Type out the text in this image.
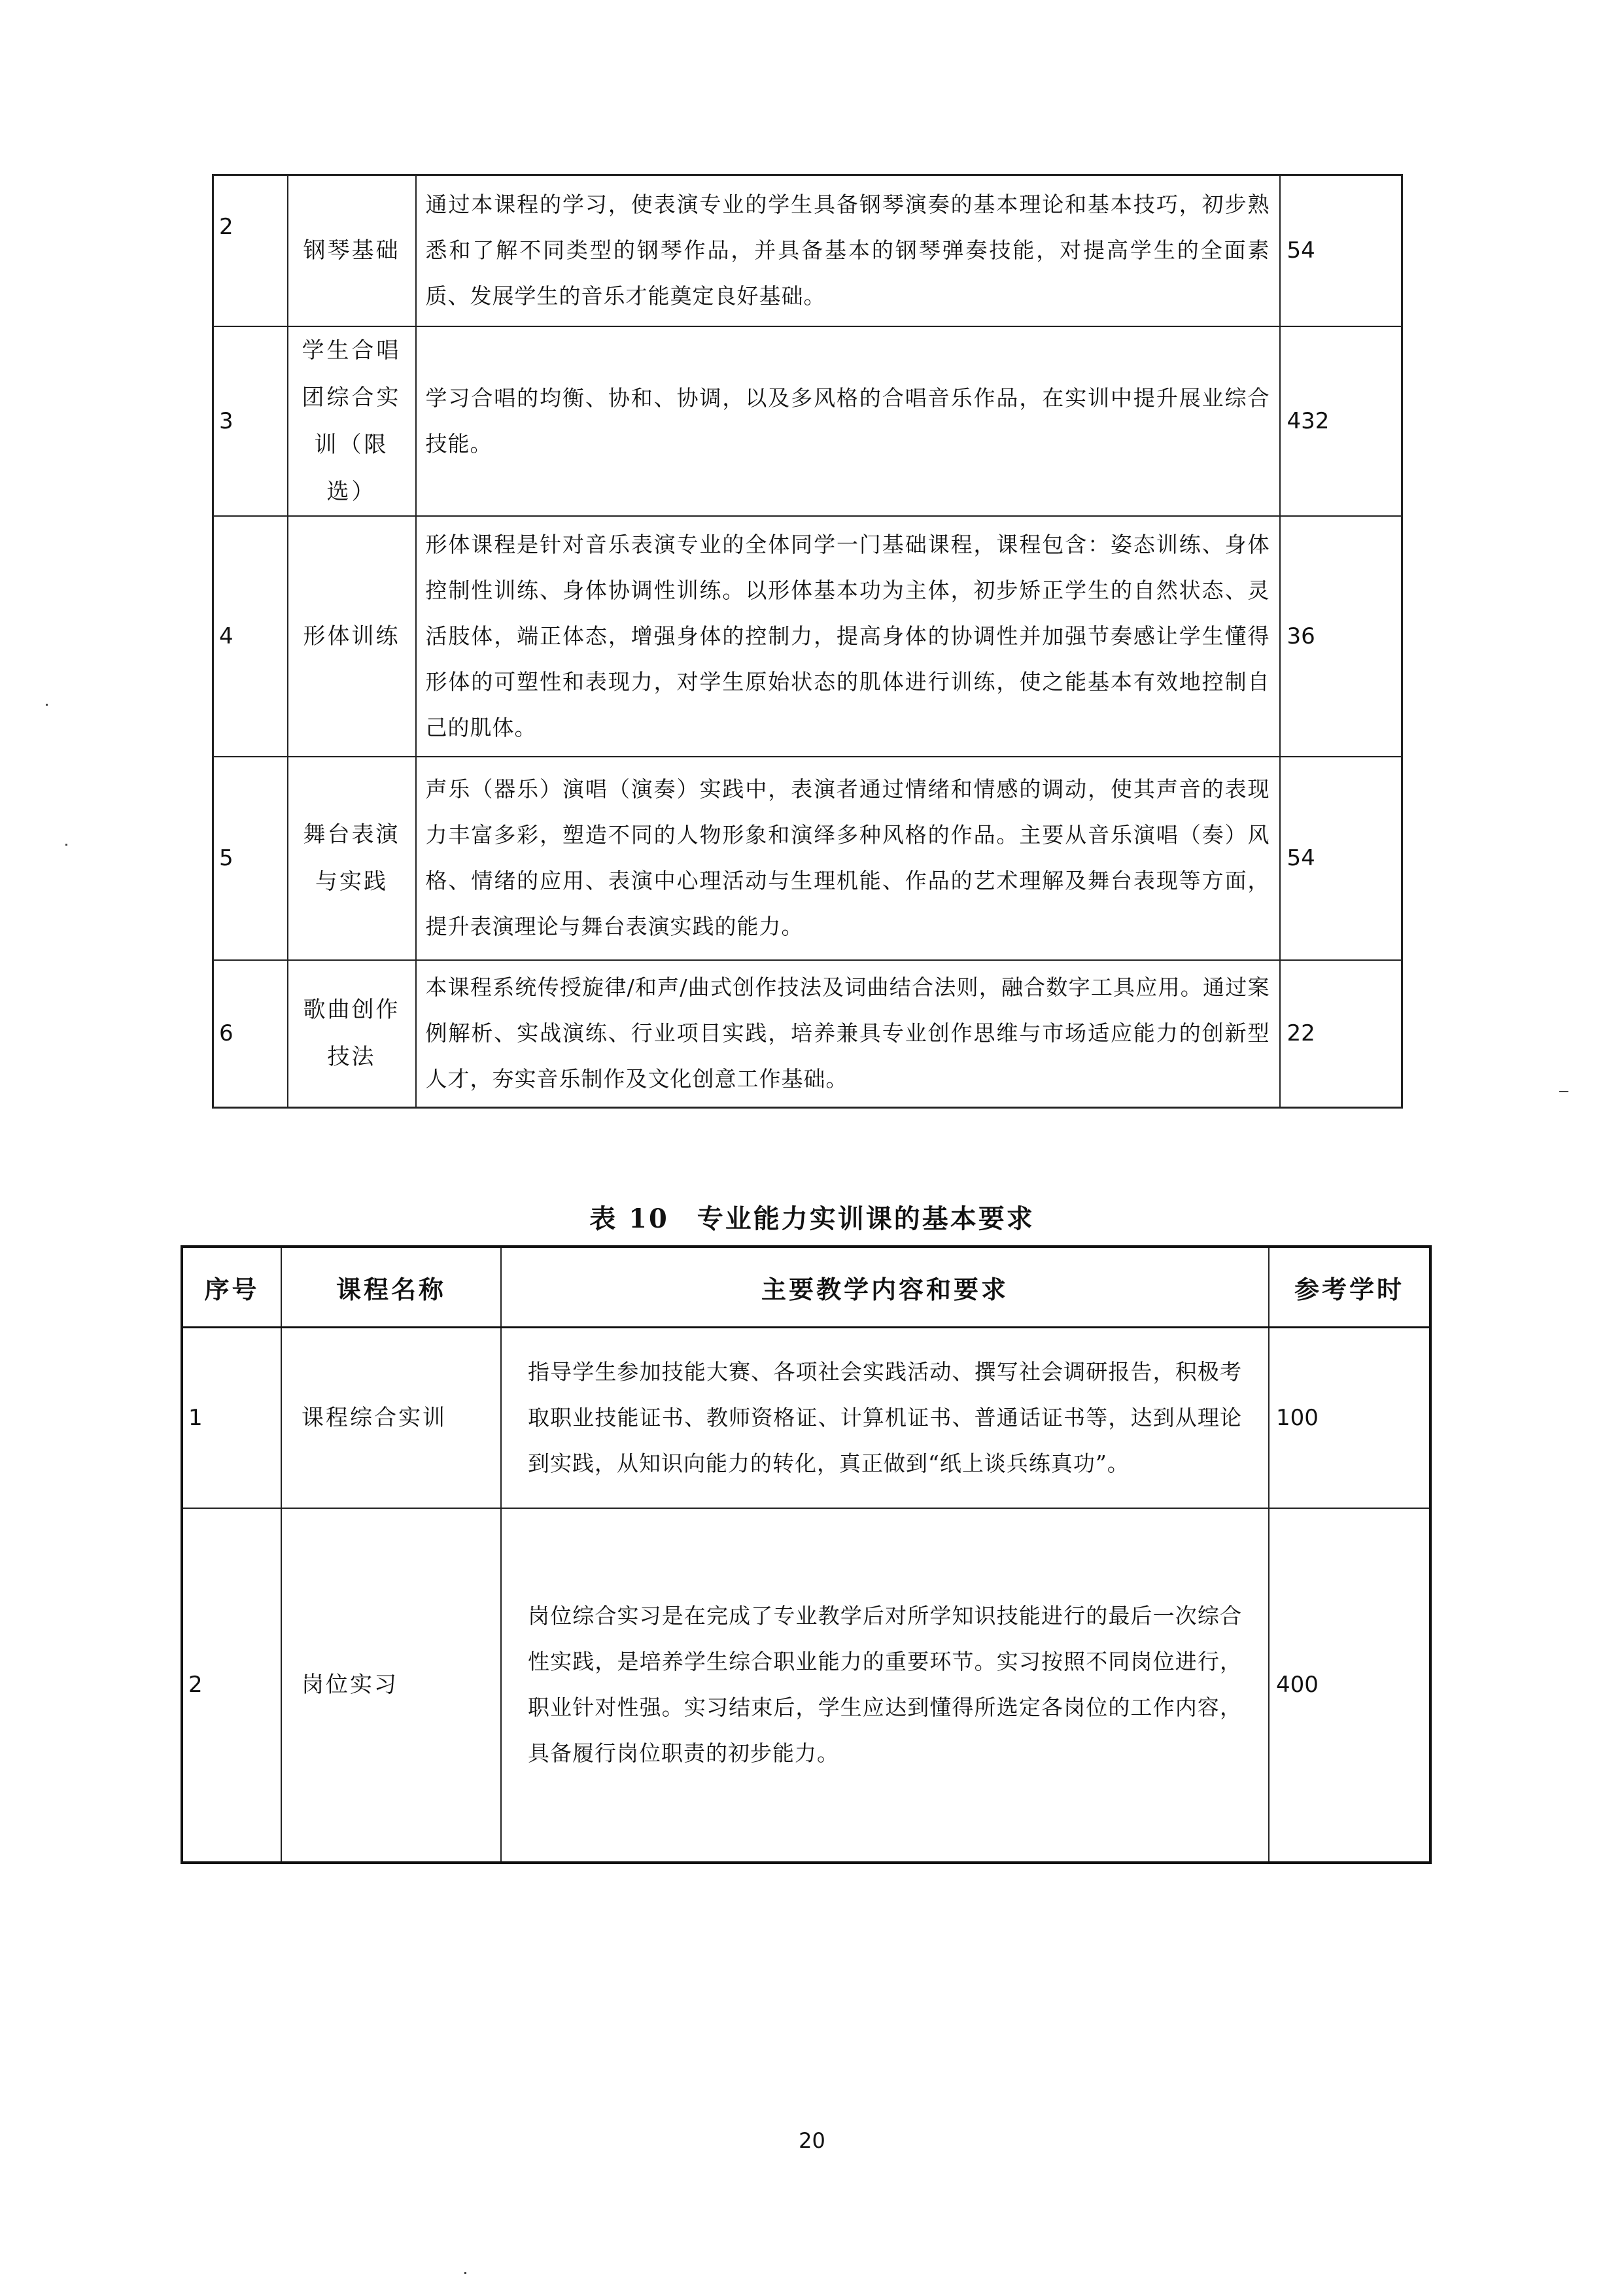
2	钢琴基础	通过本课程的学习，使表演专业的学生具备钢琴演奏的基本理论和基本技巧，初步熟悉和了解不同类型的钢琴作品，并具备基本的钢琴弹奏技能，对提高学生的全面素质、发展学生的音乐才能奠定良好基础。	54
3	学生合唱团综合实训（限选）	学习合唱的均衡、协和、协调，以及多风格的合唱音乐作品，在实训中提升展业综合技能。	432
4	形体训练	形体课程是针对音乐表演专业的全体同学一门基础课程，课程包含：姿态训练、身体控制性训练、身体协调性训练。以形体基本功为主体，初步矫正学生的自然状态、灵活肢体，端正体态，增强身体的控制力，提高身体的协调性并加强节奏感让学生懂得形体的可塑性和表现力，对学生原始状态的肌体进行训练，使之能基本有效地控制自己的肌体。	36
5	舞台表演与实践	声乐（器乐）演唱（演奏）实践中，表演者通过情绪和情感的调动，使其声音的表现力丰富多彩，塑造不同的人物形象和演绎多种风格的作品。主要从音乐演唱（奏）风格、情绪的应用、表演中心理活动与生理机能、作品的艺术理解及舞台表现等方面，提升表演理论与舞台表演实践的能力。	54
6	歌曲创作技法	本课程系统传授旋律/和声/曲式创作技法及词曲结合法则，融合数字工具应用。通过案例解析、实战演练、行业项目实践，培养兼具专业创作思维与市场适应能力的创新型人才，夯实音乐制作及文化创意工作基础。	22
表 10　专业能力实训课的基本要求
序号	课程名称	主要教学内容和要求	参考学时
1	课程综合实训	指导学生参加技能大赛、各项社会实践活动、撰写社会调研报告，积极考取职业技能证书、教师资格证、计算机证书、普通话证书等，达到从理论到实践，从知识向能力的转化，真正做到“纸上谈兵练真功”。	100
2	岗位实习	岗位综合实习是在完成了专业教学后对所学知识技能进行的最后一次综合性实践，是培养学生综合职业能力的重要环节。实习按照不同岗位进行，职业针对性强。实习结束后，学生应达到懂得所选定各岗位的工作内容，具备履行岗位职责的初步能力。	400
20
